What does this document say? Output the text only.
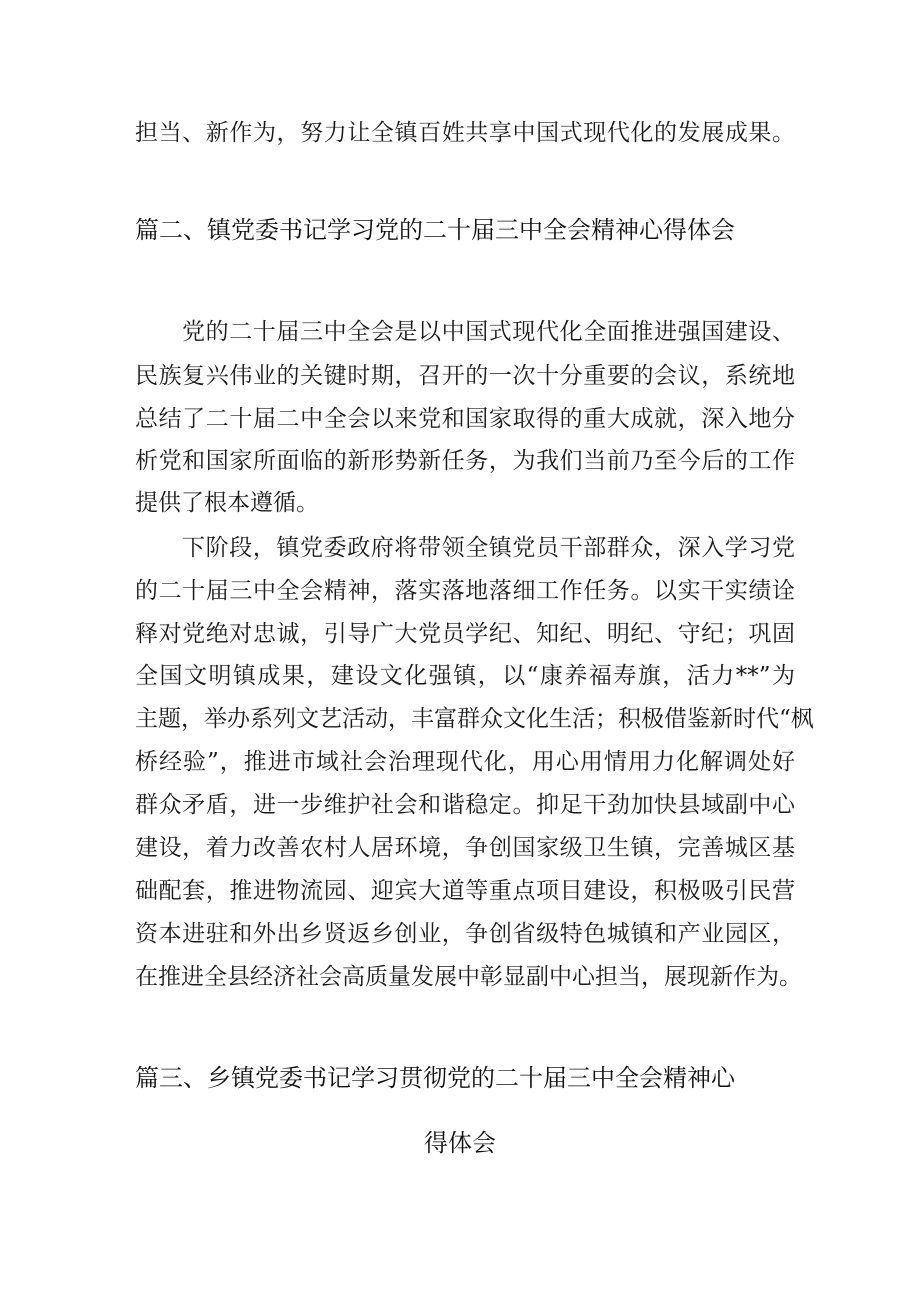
担当、新作为，努力让全镇百姓共享中国式现代化的发展成果。
篇二、镇党委书记学习党的二十届三中全会精神心得体会
党的二十届三中全会是以中国式现代化全面推进强国建设、
民族复兴伟业的关键时期，召开的一次十分重要的会议，系统地
总结了二十届二中全会以来党和国家取得的重大成就，深入地分
析党和国家所面临的新形势新任务，为我们当前乃至今后的工作
提供了根本遵循。
下阶段，镇党委政府将带领全镇党员干部群众，深入学习党
的二十届三中全会精神，落实落地落细工作任务。以实干实绩诠
释对党绝对忠诚，引导广大党员学纪、知纪、明纪、守纪；巩固
全国文明镇成果，建设文化强镇，以“康养福寿旗，活力**”为
主题，举办系列文艺活动，丰富群众文化生活；积极借鉴新时代“枫
桥经验”，推进市域社会治理现代化，用心用情用力化解调处好
群众矛盾，进一步维护社会和谐稳定。抑足干劲加快县域副中心
建设，着力改善农村人居环境，争创国家级卫生镇，完善城区基
础配套，推进物流园、迎宾大道等重点项目建设，积极吸引民营
资本进驻和外出乡贤返乡创业，争创省级特色城镇和产业园区，
在推进全县经济社会高质量发展中彰显副中心担当，展现新作为。
篇三、乡镇党委书记学习贯彻党的二十届三中全会精神心
得体会
